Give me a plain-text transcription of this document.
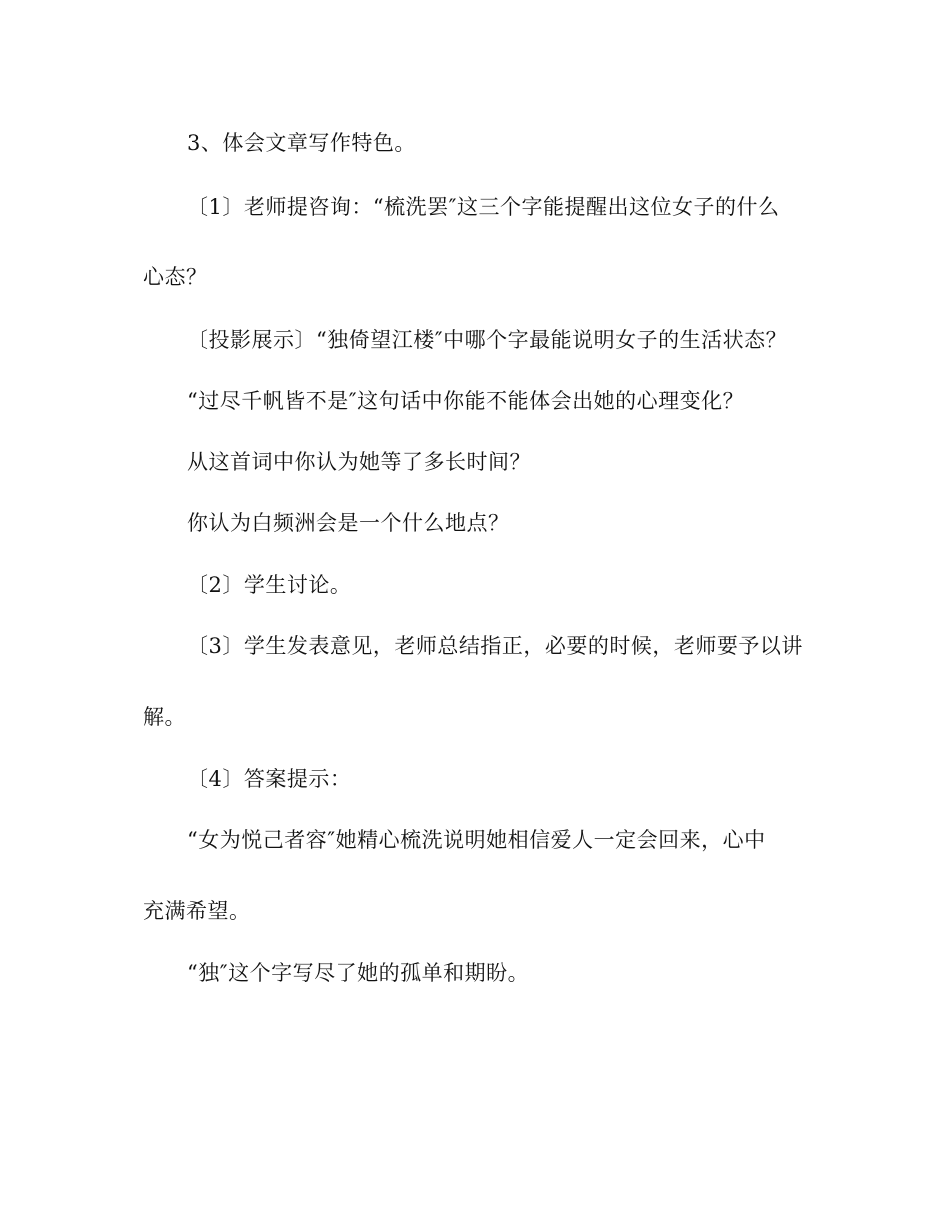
3、体会文章写作特色。
〔1〕老师提咨询：“梳洗罢″这三个字能提醒出这位女子的什么
心态？
〔投影展示〕“独倚望江楼″中哪个字最能说明女子的生活状态？
“过尽千帆皆不是″这句话中你能不能体会出她的心理变化？
从这首词中你认为她等了多长时间？
你认为白频洲会是一个什么地点？
〔2〕学生讨论。
〔3〕学生发表意见，老师总结指正，必要的时候，老师要予以讲
解。
〔4〕答案提示：
“女为悦己者容″她精心梳洗说明她相信爱人一定会回来，心中
充满希望。
“独″这个字写尽了她的孤单和期盼。
